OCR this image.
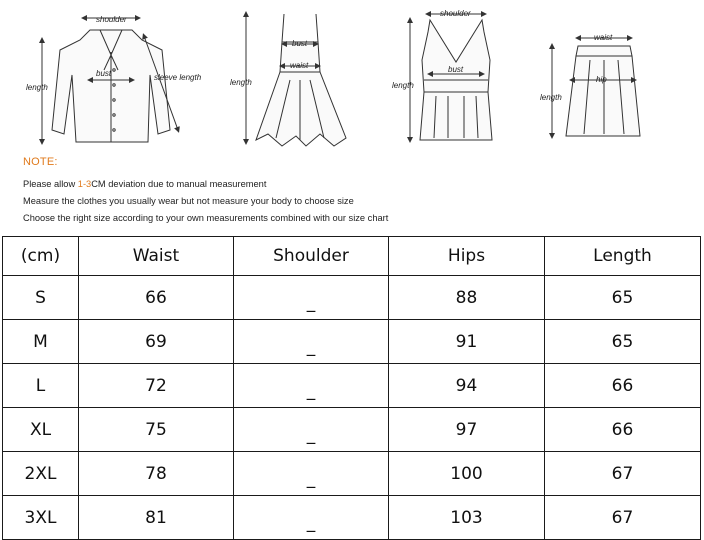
shoulder
bust
length
sleeve length
bust
waist
length
shoulder
bust
length
waist
hip
length
NOTE:
Please allow 1-3CM deviation due to manual measurement
Measure the clothes you usually wear but not measure your body to choose size
Choose the right size according to your own measurements combined with our size chart
(cm)	Waist	Shoulder	Hips	Length
S	66	_	88	65
M	69	_	91	65
L	72	_	94	66
XL	75	_	97	66
2XL	78	_	100	67
3XL	81	_	103	67
